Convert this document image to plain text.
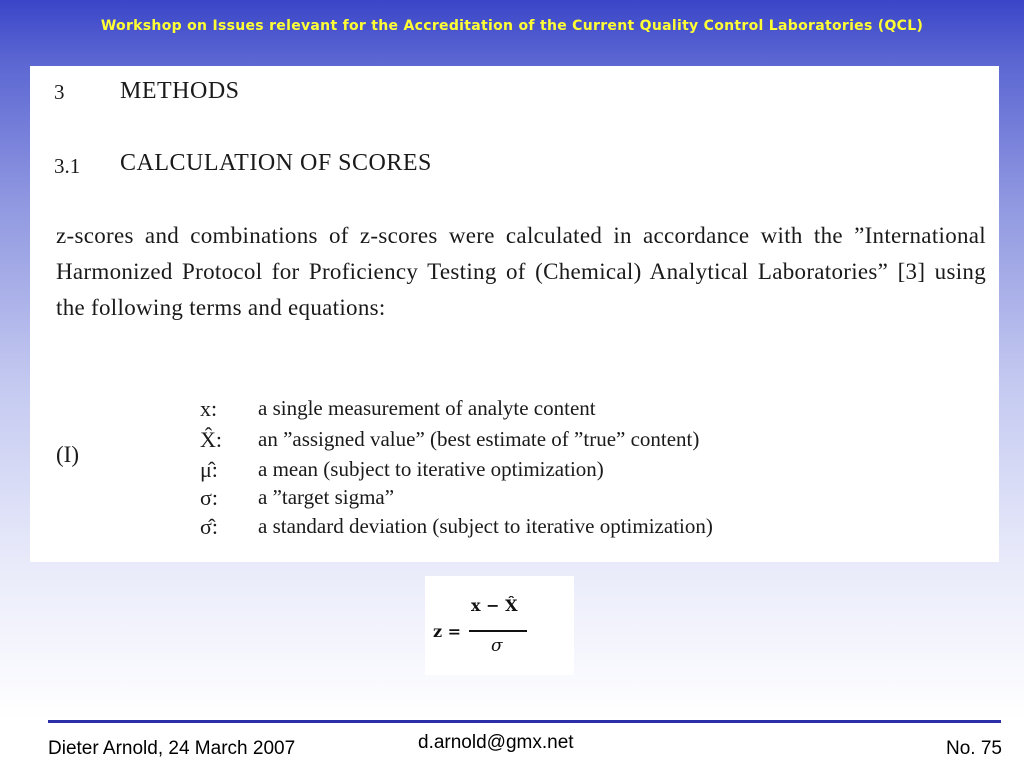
Workshop on Issues relevant for the Accreditation of the Current Quality Control Laboratories (QCL)
3 METHODS
3.1 CALCULATION OF SCORES
z-scores and combinations of z-scores were calculated in accordance with the ”International Harmonized Protocol for Proficiency Testing of (Chemical) Analytical Laboratories” [3] using the following terms and equations:
(I)
x:	a single measurement of analyte content
X̂:	an ”assigned value” (best estimate of ”true” content)
μ̂:	a mean (subject to iterative optimization)
σ:	a ”target sigma”
σ̂:	a standard deviation (subject to iterative optimization)
z =
x − X̂
σ
Dieter Arnold, 24 March 2007	d.arnold@gmx.net	No. 75
